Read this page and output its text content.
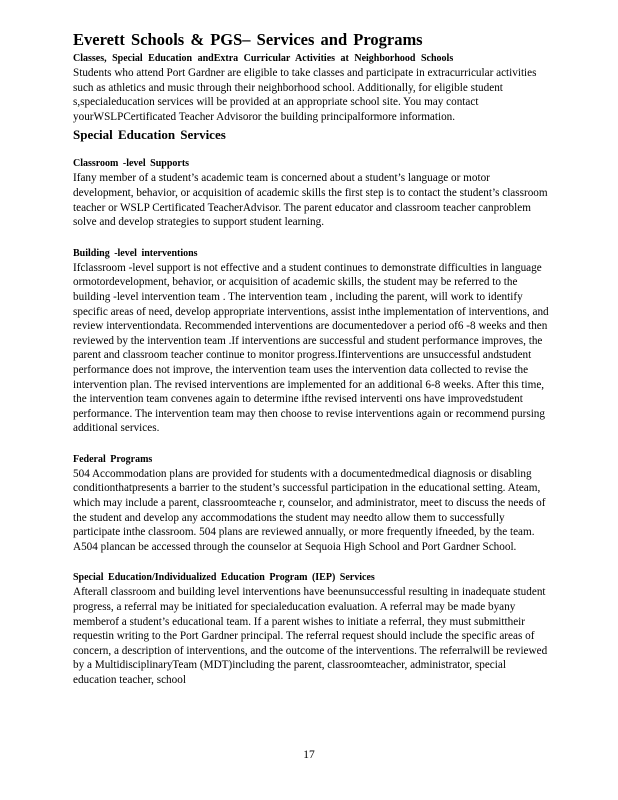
Everett Schools & PGS– Services and Programs
Classes, Special Education andExtra Curricular Activities at Neighborhood Schools

Students who attend Port Gardner are eligible to take classes and participate in extracurricular activities such as athletics and music through their neighborhood school. Additionally, for eligible student s,specialeducation services will be provided at an appropriate school site. You may contact yourWSLPCertificated Teacher Advisoror the building principalformore information.

Special Education Services
Classroom -level Supports

Ifany member of a student’s academic team is concerned about a student’s language or motor development, behavior, or acquisition of academic skills the first step is to contact the student’s classroom teacher or WSLP Certificated TeacherAdvisor. The parent educator and classroom teacher canproblem solve and develop strategies to support student learning.

Building -level interventions

Ifclassroom -level support is not effective and a student continues to demonstrate difficulties in language ormotordevelopment, behavior, or acquisition of academic skills, the student may be referred to the building -level intervention team . The intervention team , including the parent, will work to identify specific areas of need, develop appropriate interventions, assist inthe implementation of interventions, and review interventiondata. Recommended interventions are documentedover a period of6 -8 weeks and then reviewed by the intervention team .If interventions are successful and student performance improves, the parent and classroom teacher continue to monitor progress.Ifinterventions are unsuccessful andstudent performance does not improve, the intervention team uses the intervention data collected to revise the intervention plan. The revised interventions are implemented for an additional 6-8 weeks. After this time, the intervention team convenes again to determine ifthe revised interventi ons have improvedstudent performance. The intervention team may then choose to revise interventions again or recommend pursing additional services.

Federal Programs

504 Accommodation plans are provided for students with a documentedmedical diagnosis or disabling conditionthatpresents a barrier to the student’s successful participation in the educational setting. Ateam, which may include a parent, classroomteache r, counselor, and administrator, meet to discuss the needs of the student and develop any accommodations the student may needto allow them to successfully participate inthe classroom. 504 plans are reviewed annually, or more frequently ifneeded, by the team. A504 plancan be accessed through the counselor at Sequoia High School and Port Gardner School.

Special Education/Individualized Education Program (IEP) Services

Afterall classroom and building level interventions have beenunsuccessful resulting in inadequate student progress, a referral may be initiated for specialeducation evaluation. A referral may be made byany memberof a student’s educational team. If a parent wishes to initiate a referral, they must submittheir requestin writing to the Port Gardner principal. The referral request should include the specific areas of concern, a description of interventions, and the outcome of the interventions. The referralwill be reviewed by a MultidisciplinaryTeam (MDT)including the parent, classroomteacher, administrator, special education teacher, school

17
